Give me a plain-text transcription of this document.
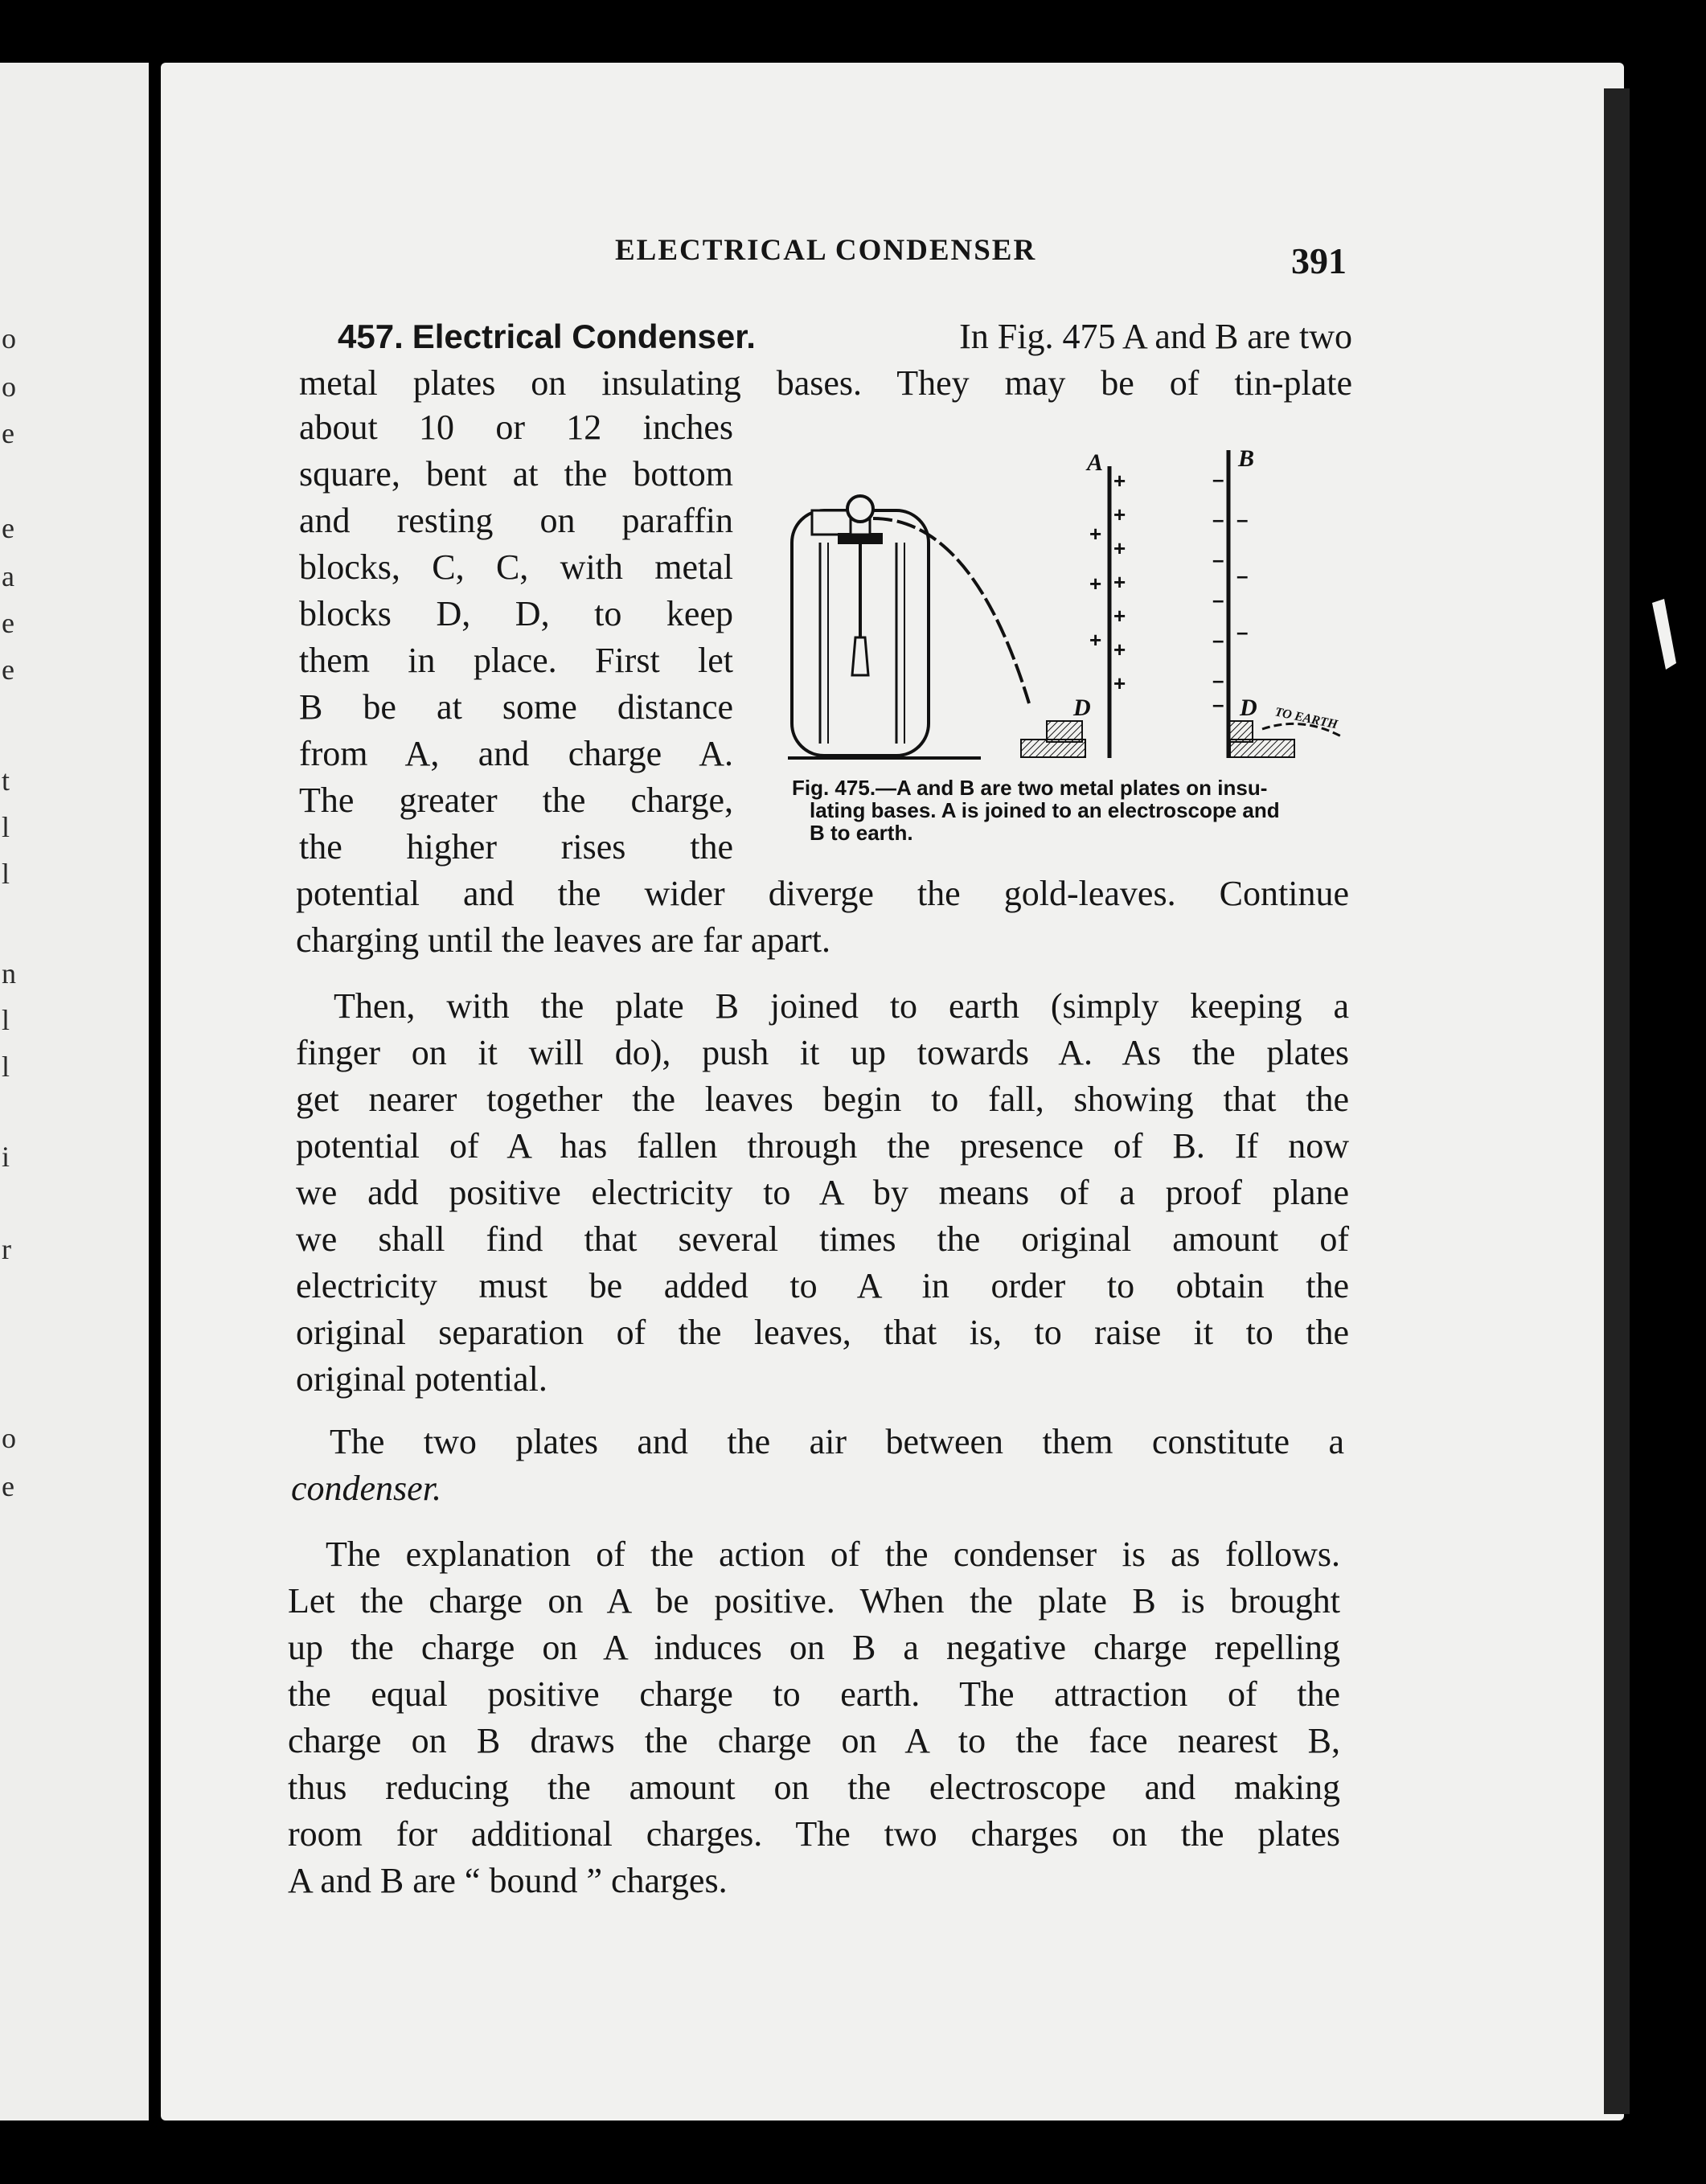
o
o
e
e
a
e
e
t
l
l
n
l
l
i
r
o
e
ELECTRICAL CONDENSER	391
457. Electrical Condenser.	In Fig. 475 A and B are two
metal plates on insulating bases. They may be of tin-plate
about 10 or 12 inches
square, bent at the bottom
and resting on paraffin
blocks, C, C, with metal
blocks D, D, to keep
them in place. First let
B be at some distance
from A, and charge A.
The greater the charge,
the higher rises the
D
A
+
+
+
+
+
+
+
+
+
+
D
B
TO EARTH
–
–
–
–
–
–
–
–
–
–
Fig. 475.—A and B are two metal plates on insu-
lating bases. A is joined to an electroscope and
B to earth.
potential and the wider diverge the gold-leaves. Continue
charging until the leaves are far apart.
Then, with the plate B joined to earth (simply keeping a
finger on it will do), push it up towards A. As the plates
get nearer together the leaves begin to fall, showing that the
potential of A has fallen through the presence of B. If now
we add positive electricity to A by means of a proof plane
we shall find that several times the original amount of
electricity must be added to A in order to obtain the
original separation of the leaves, that is, to raise it to the
original potential.
The two plates and the air between them constitute a
condenser.
The explanation of the action of the condenser is as follows.
Let the charge on A be positive. When the plate B is brought
up the charge on A induces on B a negative charge repelling
the equal positive charge to earth. The attraction of the
charge on B draws the charge on A to the face nearest B,
thus reducing the amount on the electroscope and making
room for additional charges. The two charges on the plates
A and B are “ bound ” charges.
